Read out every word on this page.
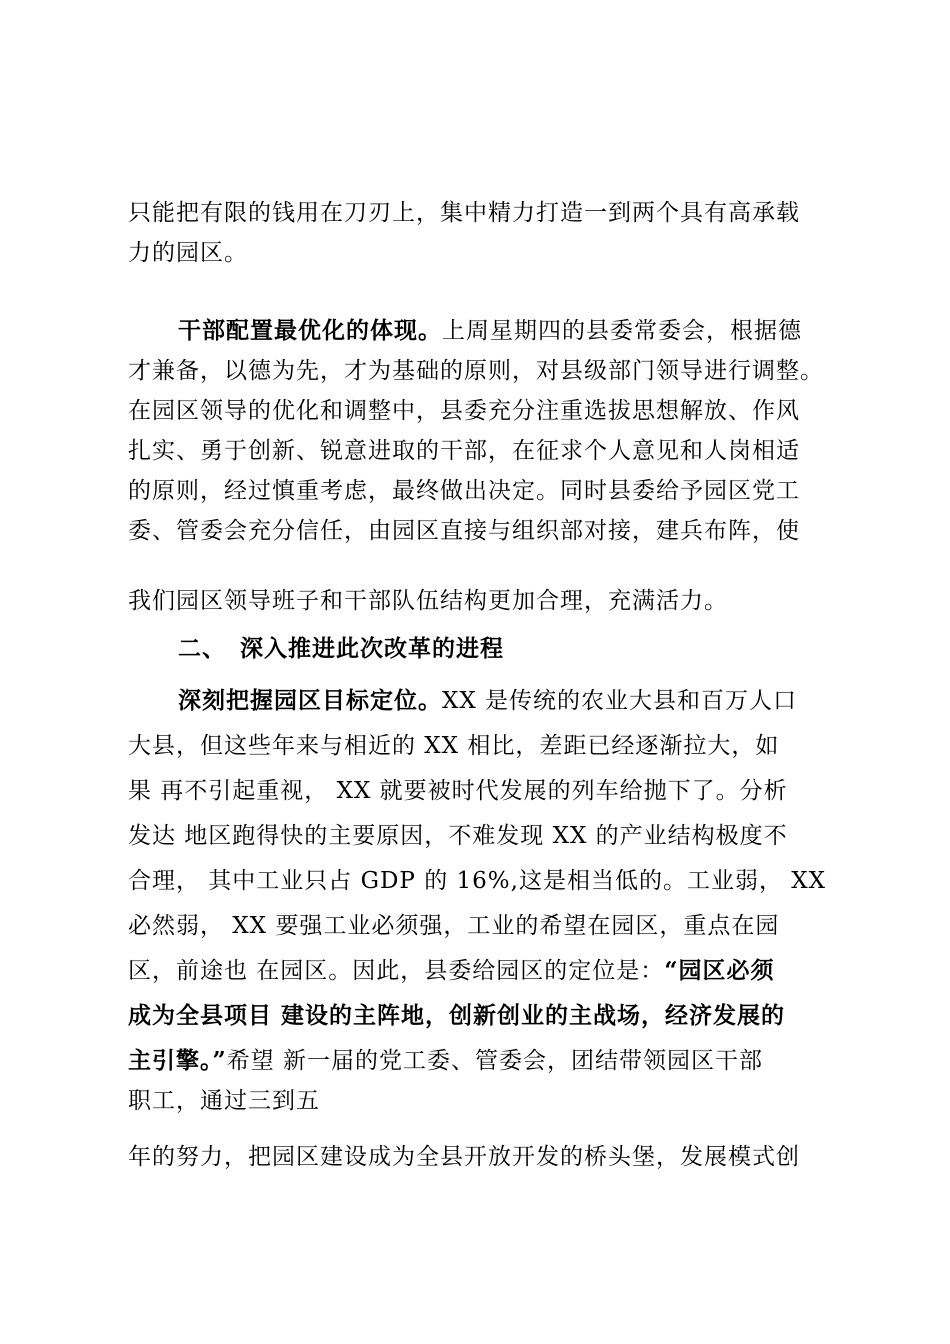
只能把有限的钱用在刀刃上，集中精力打造一到两个具有高承载

力的园区。

干部配置最优化的体现。上周星期四的县委常委会，根据德

才兼备，以德为先，才为基础的原则，对县级部门领导进行调整。

在园区领导的优化和调整中，县委充分注重选拔思想解放、作风

扎实、勇于创新、锐意进取的干部，在征求个人意见和人岗相适

的原则，经过慎重考虑，最终做出决定。同时县委给予园区党工

委、管委会充分信任，由园区直接与组织部对接，建兵布阵，使

我们园区领导班子和干部队伍结构更加合理，充满活力。

二、 深入推进此次改革的进程

深刻把握园区目标定位。XX 是传统的农业大县和百万人口

大县，但这些年来与相近的 XX 相比，差距已经逐渐拉大，如

果 再不引起重视， XX 就要被时代发展的列车给抛下了。分析

发达 地区跑得快的主要原因，不难发现 XX 的产业结构极度不

合理， 其中工业只占 GDP 的 16%,这是相当低的。工业弱， XX

必然弱， XX 要强工业必须强，工业的希望在园区，重点在园

区，前途也 在园区。因此，县委给园区的定位是：“园区必须

成为全县项目 建设的主阵地，创新创业的主战场，经济发展的

主引擎。”希望 新一届的党工委、管委会，团结带领园区干部

职工，通过三到五

年的努力，把园区建设成为全县开放开发的桥头堡，发展模式创
